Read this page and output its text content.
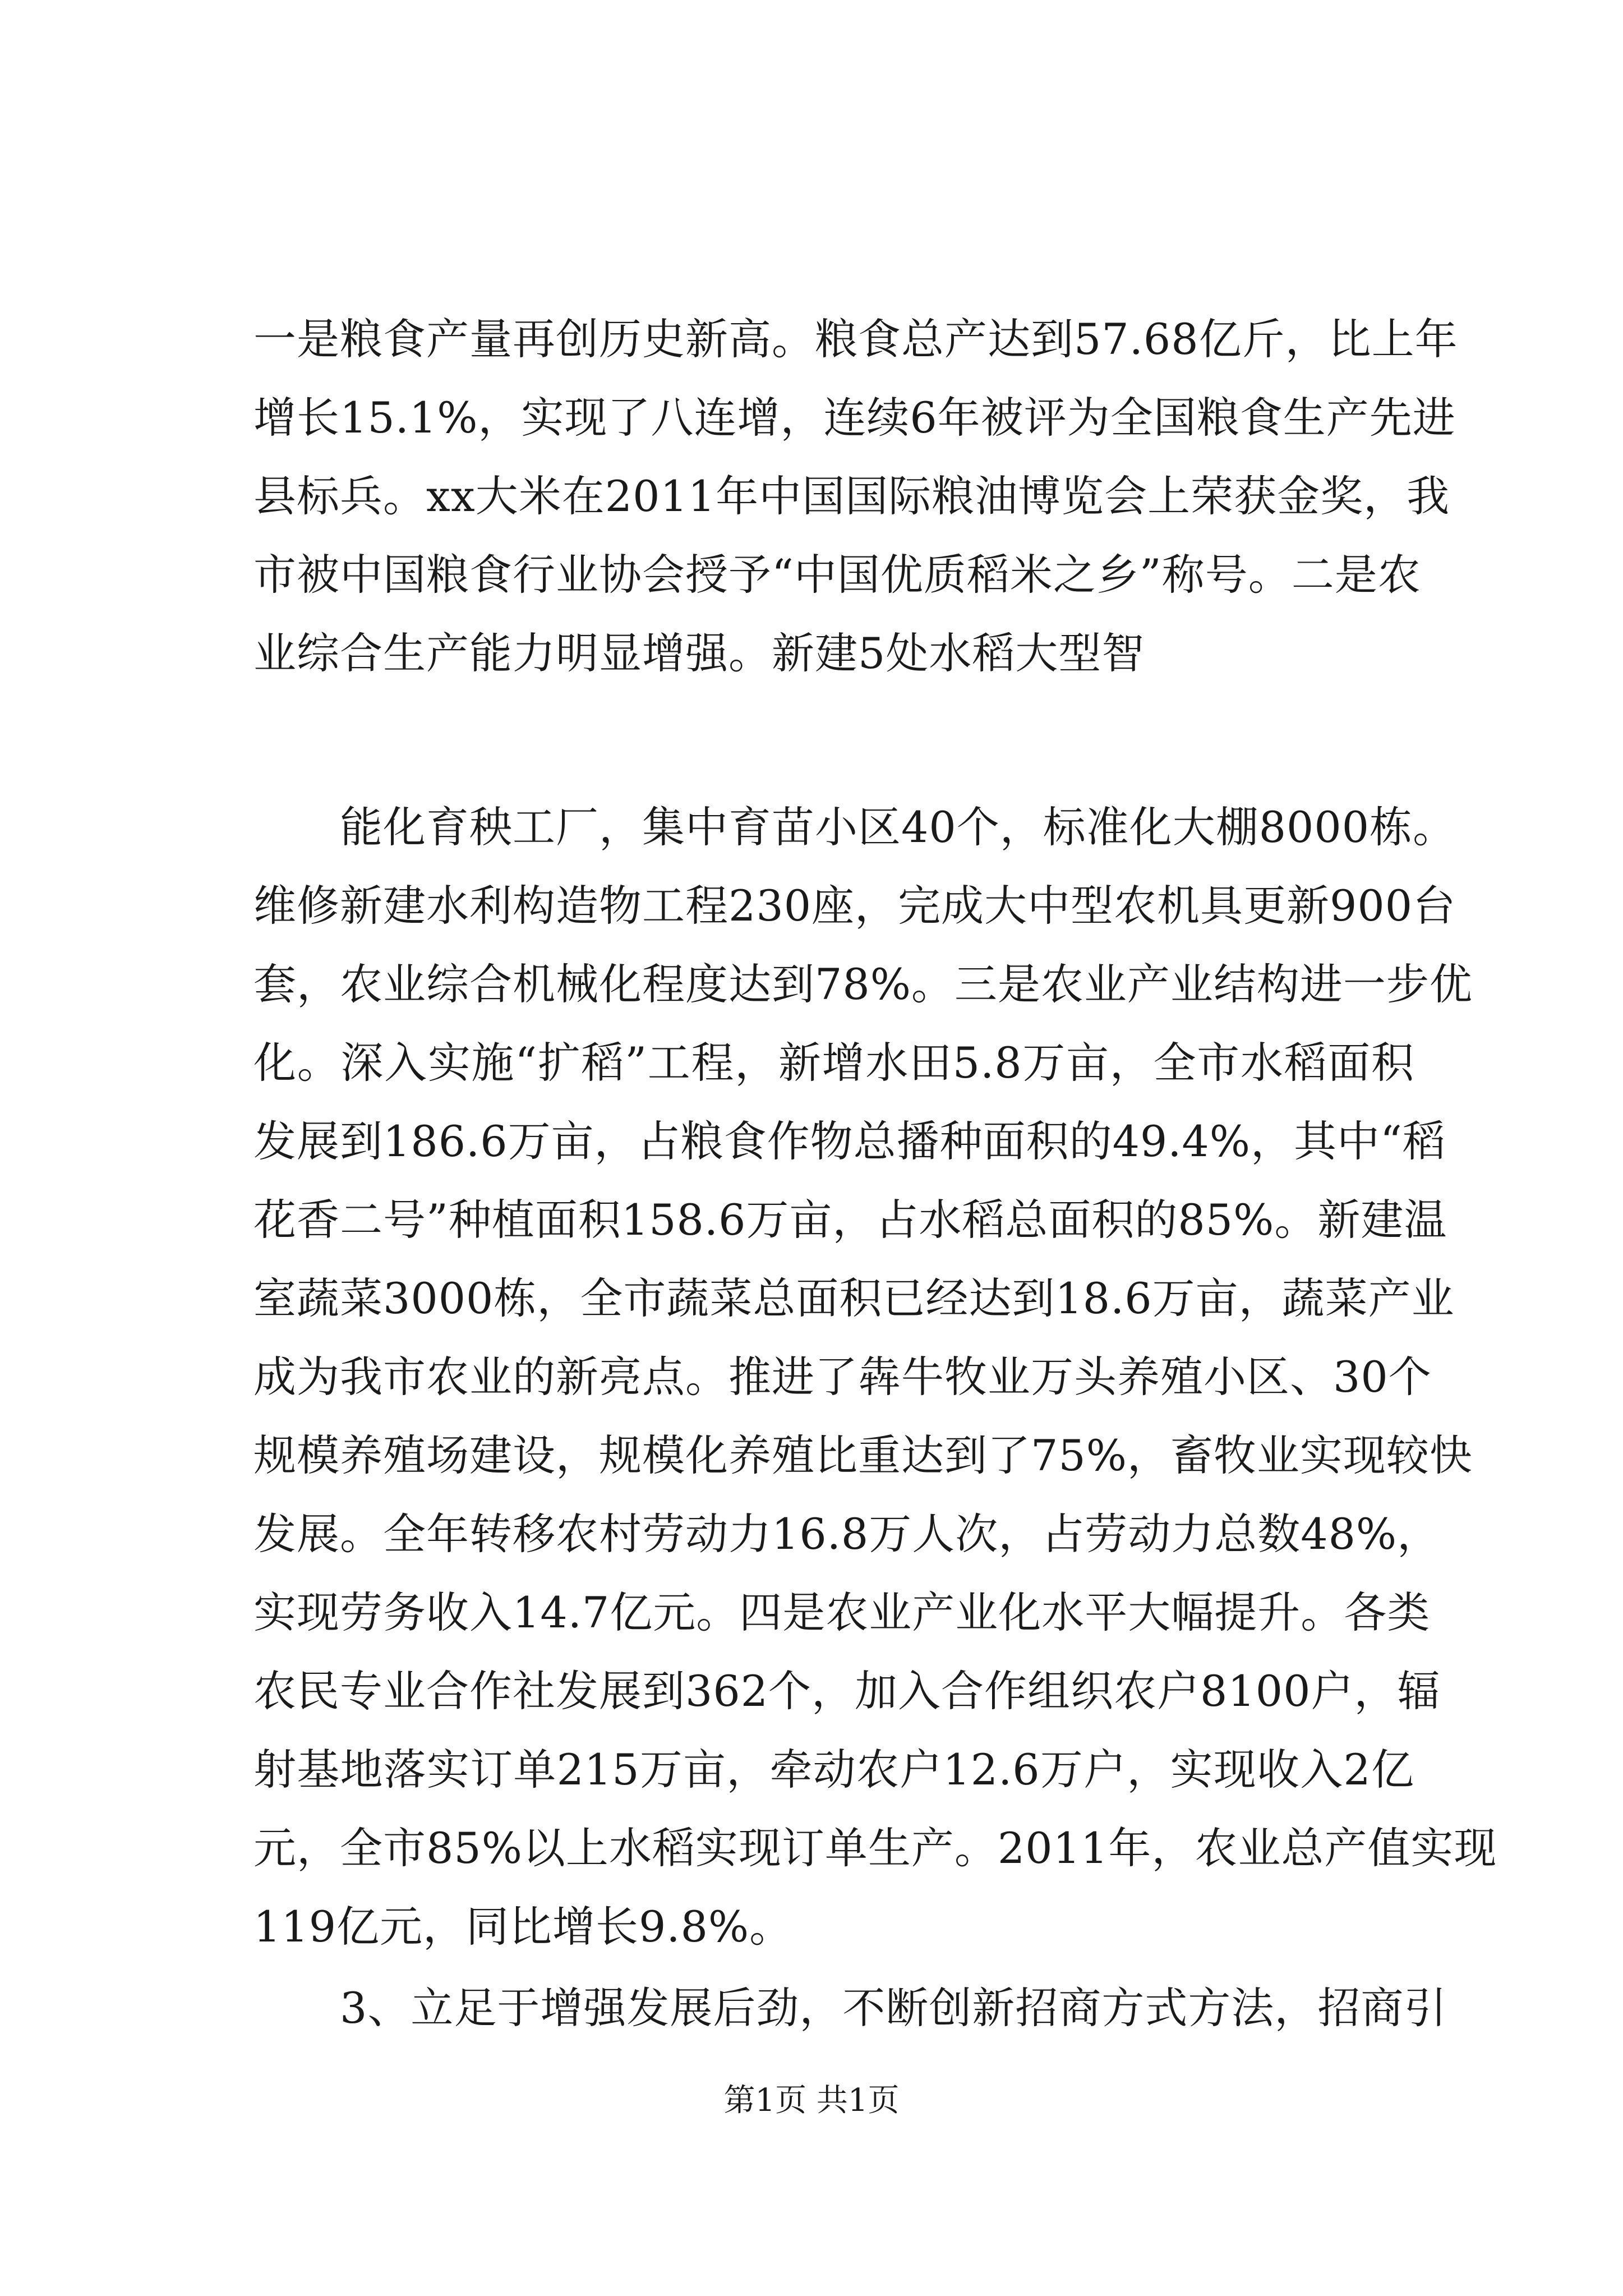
一是粮食产量再创历史新高。粮食总产达到57.68亿斤，比上年
增长15.1%，实现了八连增，连续6年被评为全国粮食生产先进
县标兵。xx大米在2011年中国国际粮油博览会上荣获金奖，我
市被中国粮食行业协会授予“中国优质稻米之乡”称号。二是农
业综合生产能力明显增强。新建5处水稻大型智
　　能化育秧工厂，集中育苗小区40个，标准化大棚8000栋。
维修新建水利构造物工程230座，完成大中型农机具更新900台
套，农业综合机械化程度达到78%。三是农业产业结构进一步优
化。深入实施“扩稻”工程，新增水田5.8万亩，全市水稻面积
发展到186.6万亩，占粮食作物总播种面积的49.4%，其中“稻
花香二号”种植面积158.6万亩，占水稻总面积的85%。新建温
室蔬菜3000栋，全市蔬菜总面积已经达到18.6万亩，蔬菜产业
成为我市农业的新亮点。推进了犇牛牧业万头养殖小区、30个
规模养殖场建设，规模化养殖比重达到了75%，畜牧业实现较快
发展。全年转移农村劳动力16.8万人次，占劳动力总数48%，
实现劳务收入14.7亿元。四是农业产业化水平大幅提升。各类
农民专业合作社发展到362个，加入合作组织农户8100户，辐
射基地落实订单215万亩，牵动农户12.6万户，实现收入2亿
元，全市85%以上水稻实现订单生产。2011年，农业总产值实现
119亿元，同比增长9.8%。
　　3、立足于增强发展后劲，不断创新招商方式方法，招商引
第1页 共1页
